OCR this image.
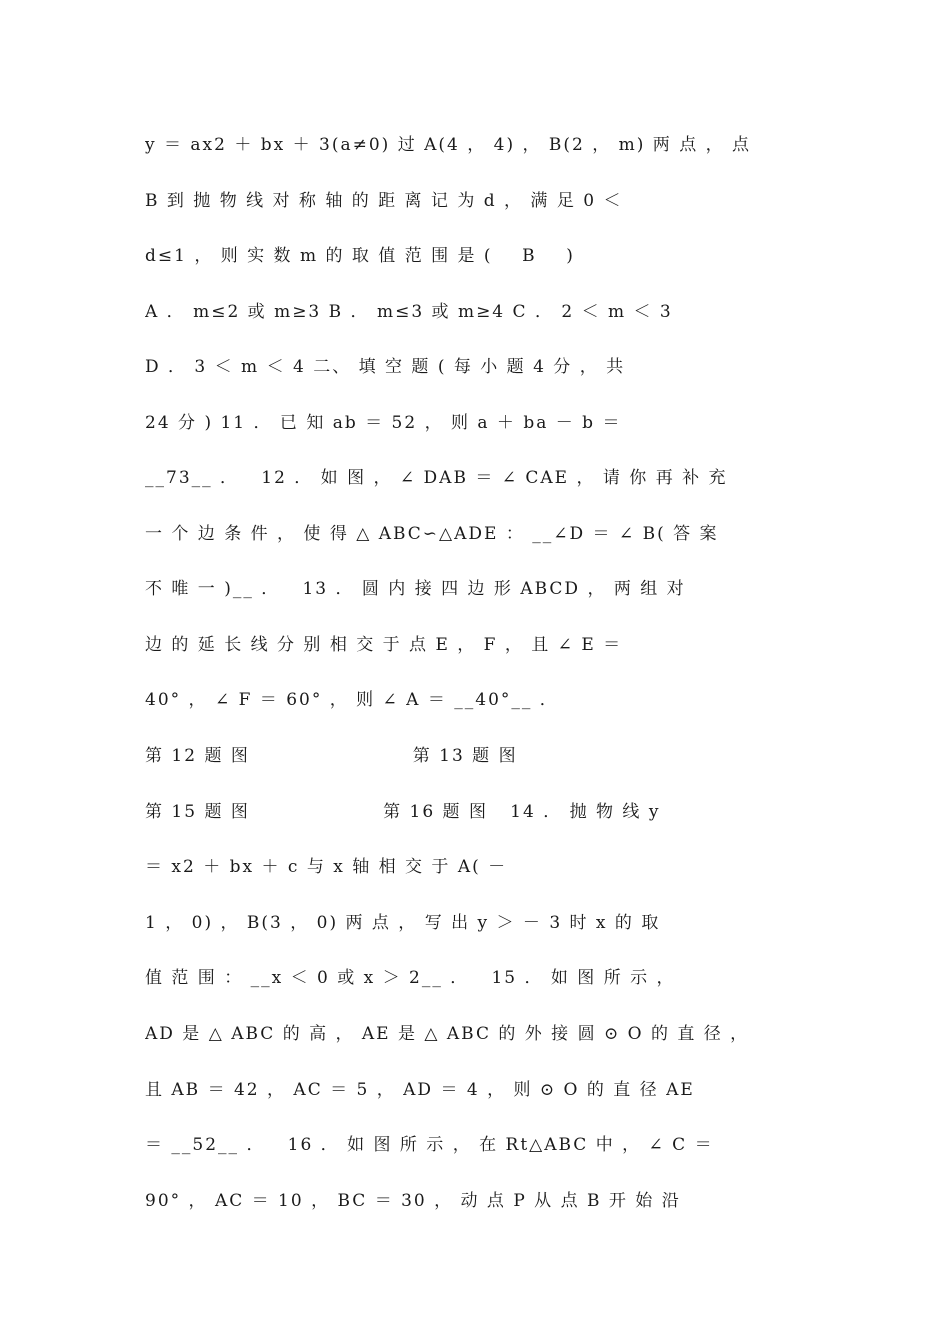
y ＝ ax2 ＋ bx ＋ 3(a≠0) 过 A(4 ， 4) ， B(2 ， m) 两 点 ， 点
B 到 抛 物 线 对 称 轴 的 距 离 记 为 d ， 满 足 0 ＜
d≤1 ， 则 实 数 m 的 取 值 范 围 是 (    B    )
A ． m≤2 或 m≥3 B ． m≤3 或 m≥4 C ． 2 ＜ m ＜ 3
D ． 3 ＜ m ＜ 4 二、 填 空 题 ( 每 小 题 4 分 ， 共
24 分 ) 11 ． 已 知 ab ＝ 52 ， 则 a ＋ ba － b ＝
__73__ ．   12 ． 如 图 ， ∠ DAB ＝ ∠ CAE ， 请 你 再 补 充
一 个 边 条 件 ， 使 得 △ ABC∽△ADE ： __∠D ＝ ∠ B( 答 案
不 唯 一 )__ ．   13 ． 圆 内 接 四 边 形 ABCD ， 两 组 对
边 的 延 长 线 分 别 相 交 于 点 E ， F ， 且 ∠ E ＝
40° ， ∠ F ＝ 60° ， 则 ∠ A ＝ __40°__ ．
第 12 题 图                      第 13 题 图
第 15 题 图                  第 16 题 图   14 ． 抛 物 线 y
＝ x2 ＋ bx ＋ c 与 x 轴 相 交 于 A( －
1 ， 0) ， B(3 ， 0) 两 点 ， 写 出 y ＞ － 3 时 x 的 取
值 范 围 ： __x ＜ 0 或 x ＞ 2__ ．   15 ． 如 图 所 示 ，
AD 是 △ ABC 的 高 ， AE 是 △ ABC 的 外 接 圆 ⊙ O 的 直 径 ，
且 AB ＝ 42 ， AC ＝ 5 ， AD ＝ 4 ， 则 ⊙ O 的 直 径 AE
＝ __52__ ．   16 ． 如 图 所 示 ， 在 Rt△ABC 中 ， ∠ C ＝
90° ， AC ＝ 10 ， BC ＝ 30 ， 动 点 P 从 点 B 开 始 沿
